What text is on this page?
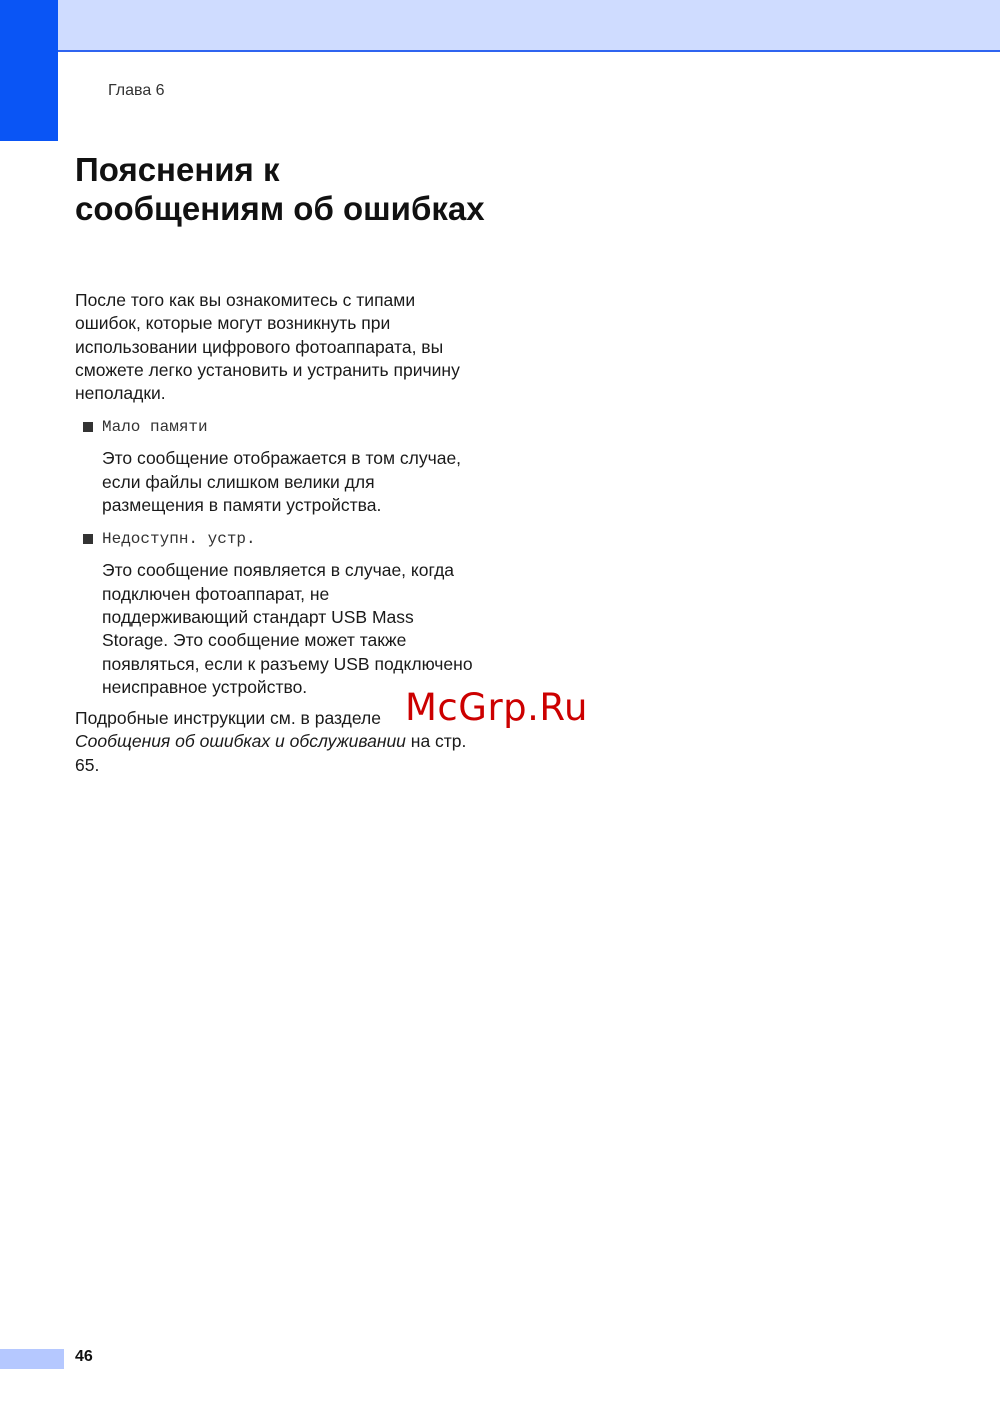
Глава 6

Пояснения к сообщениям об ошибках

После того как вы ознакомитесь с типами ошибок, которые могут возникнуть при использовании цифрового фотоаппарата, вы сможете легко установить и устранить причину неполадки.

Мало памяти

Это сообщение отображается в том случае, если файлы слишком велики для размещения в памяти устройства.

Недоступн. устр.

Это сообщение появляется в случае, когда подключен фотоаппарат, не поддерживающий стандарт USB Mass Storage. Это сообщение может также появляться, если к разъему USB подключено неисправное устройство.

Подробные инструкции см. в разделе Сообщения об ошибках и обслуживании на стр. 65.

McGrp.Ru

46
